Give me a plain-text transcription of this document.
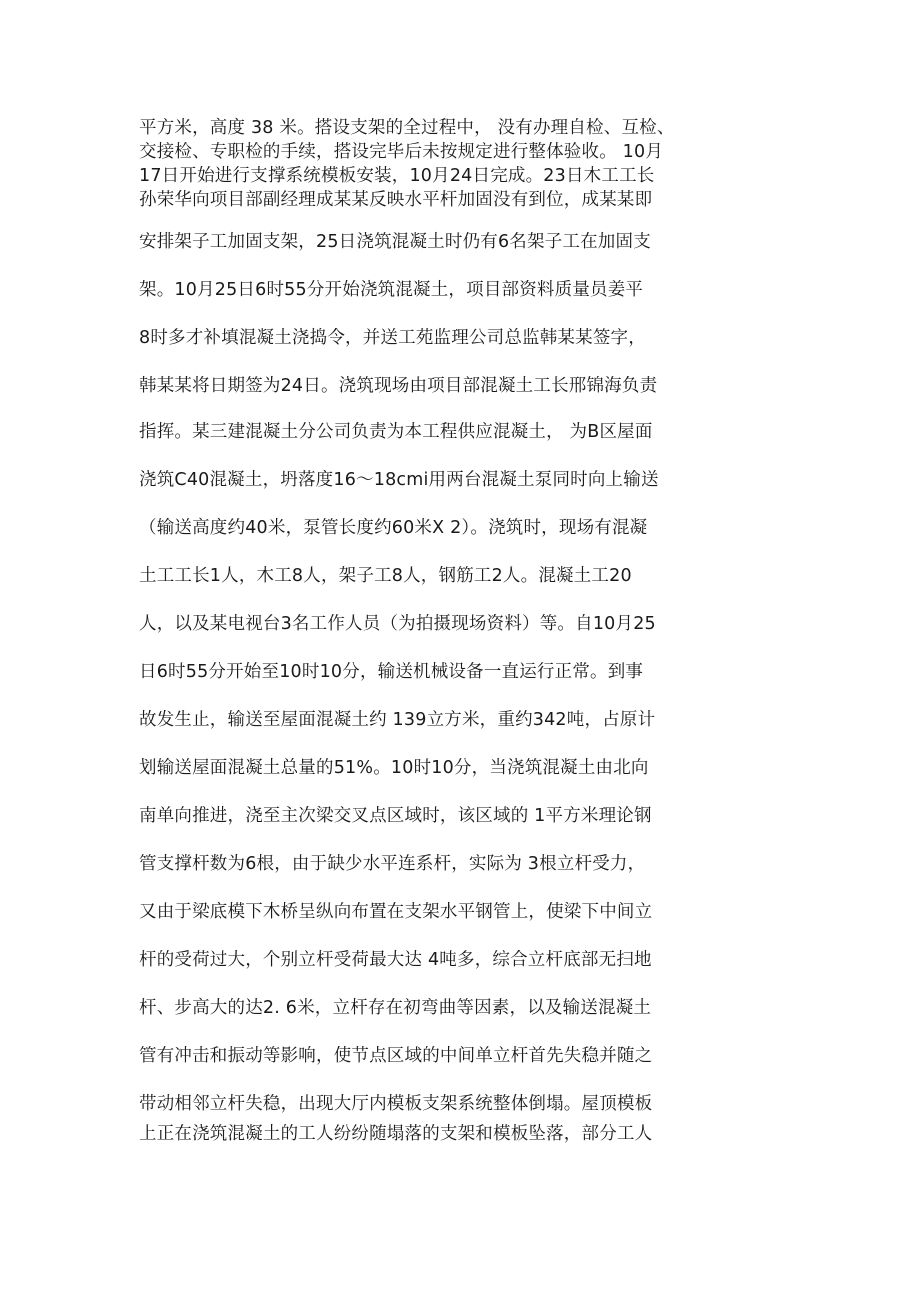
平方米，高度 38 米。搭设支架的全过程中， 没有办理自检、互检、
交接检、专职检的手续，搭设完毕后未按规定进行整体验收。 10月
17日开始进行支撑系统模板安装，10月24日完成。23日木工工长
孙荣华向项目部副经理成某某反映水平杆加固没有到位，成某某即
安排架子工加固支架，25日浇筑混凝土时仍有6名架子工在加固支
架。10月25日6时55分开始浇筑混凝土，项目部资料质量员姜平
8时多才补填混凝土浇捣令，并送工苑监理公司总监韩某某签字，
韩某某将日期签为24日。浇筑现场由项目部混凝土工长邢锦海负责
指挥。某三建混凝土分公司负责为本工程供应混凝土， 为B区屋面
浇筑C40混凝土，坍落度16～18cmi用两台混凝土泵同时向上输送
（输送高度约40米，泵管长度约60米X 2）。浇筑时，现场有混凝
土工工长1人，木工8人，架子工8人，钢筋工2人。混凝土工20
人，以及某电视台3名工作人员（为拍摄现场资料）等。自10月25
日6时55分开始至10时10分，输送机械设备一直运行正常。到事
故发生止，输送至屋面混凝土约 139立方米，重约342吨，占原计
划输送屋面混凝土总量的51%。10时10分，当浇筑混凝土由北向
南单向推进，浇至主次梁交叉点区域时，该区域的 1平方米理论钢
管支撑杆数为6根，由于缺少水平连系杆，实际为 3根立杆受力，
又由于梁底模下木桥呈纵向布置在支架水平钢管上，使梁下中间立
杆的受荷过大，个别立杆受荷最大达 4吨多，综合立杆底部无扫地
杆、步高大的达2. 6米，立杆存在初弯曲等因素，以及输送混凝土
管有冲击和振动等影响，使节点区域的中间单立杆首先失稳并随之
带动相邻立杆失稳，出现大厅内模板支架系统整体倒塌。屋顶模板
上正在浇筑混凝土的工人纷纷随塌落的支架和模板坠落，部分工人
